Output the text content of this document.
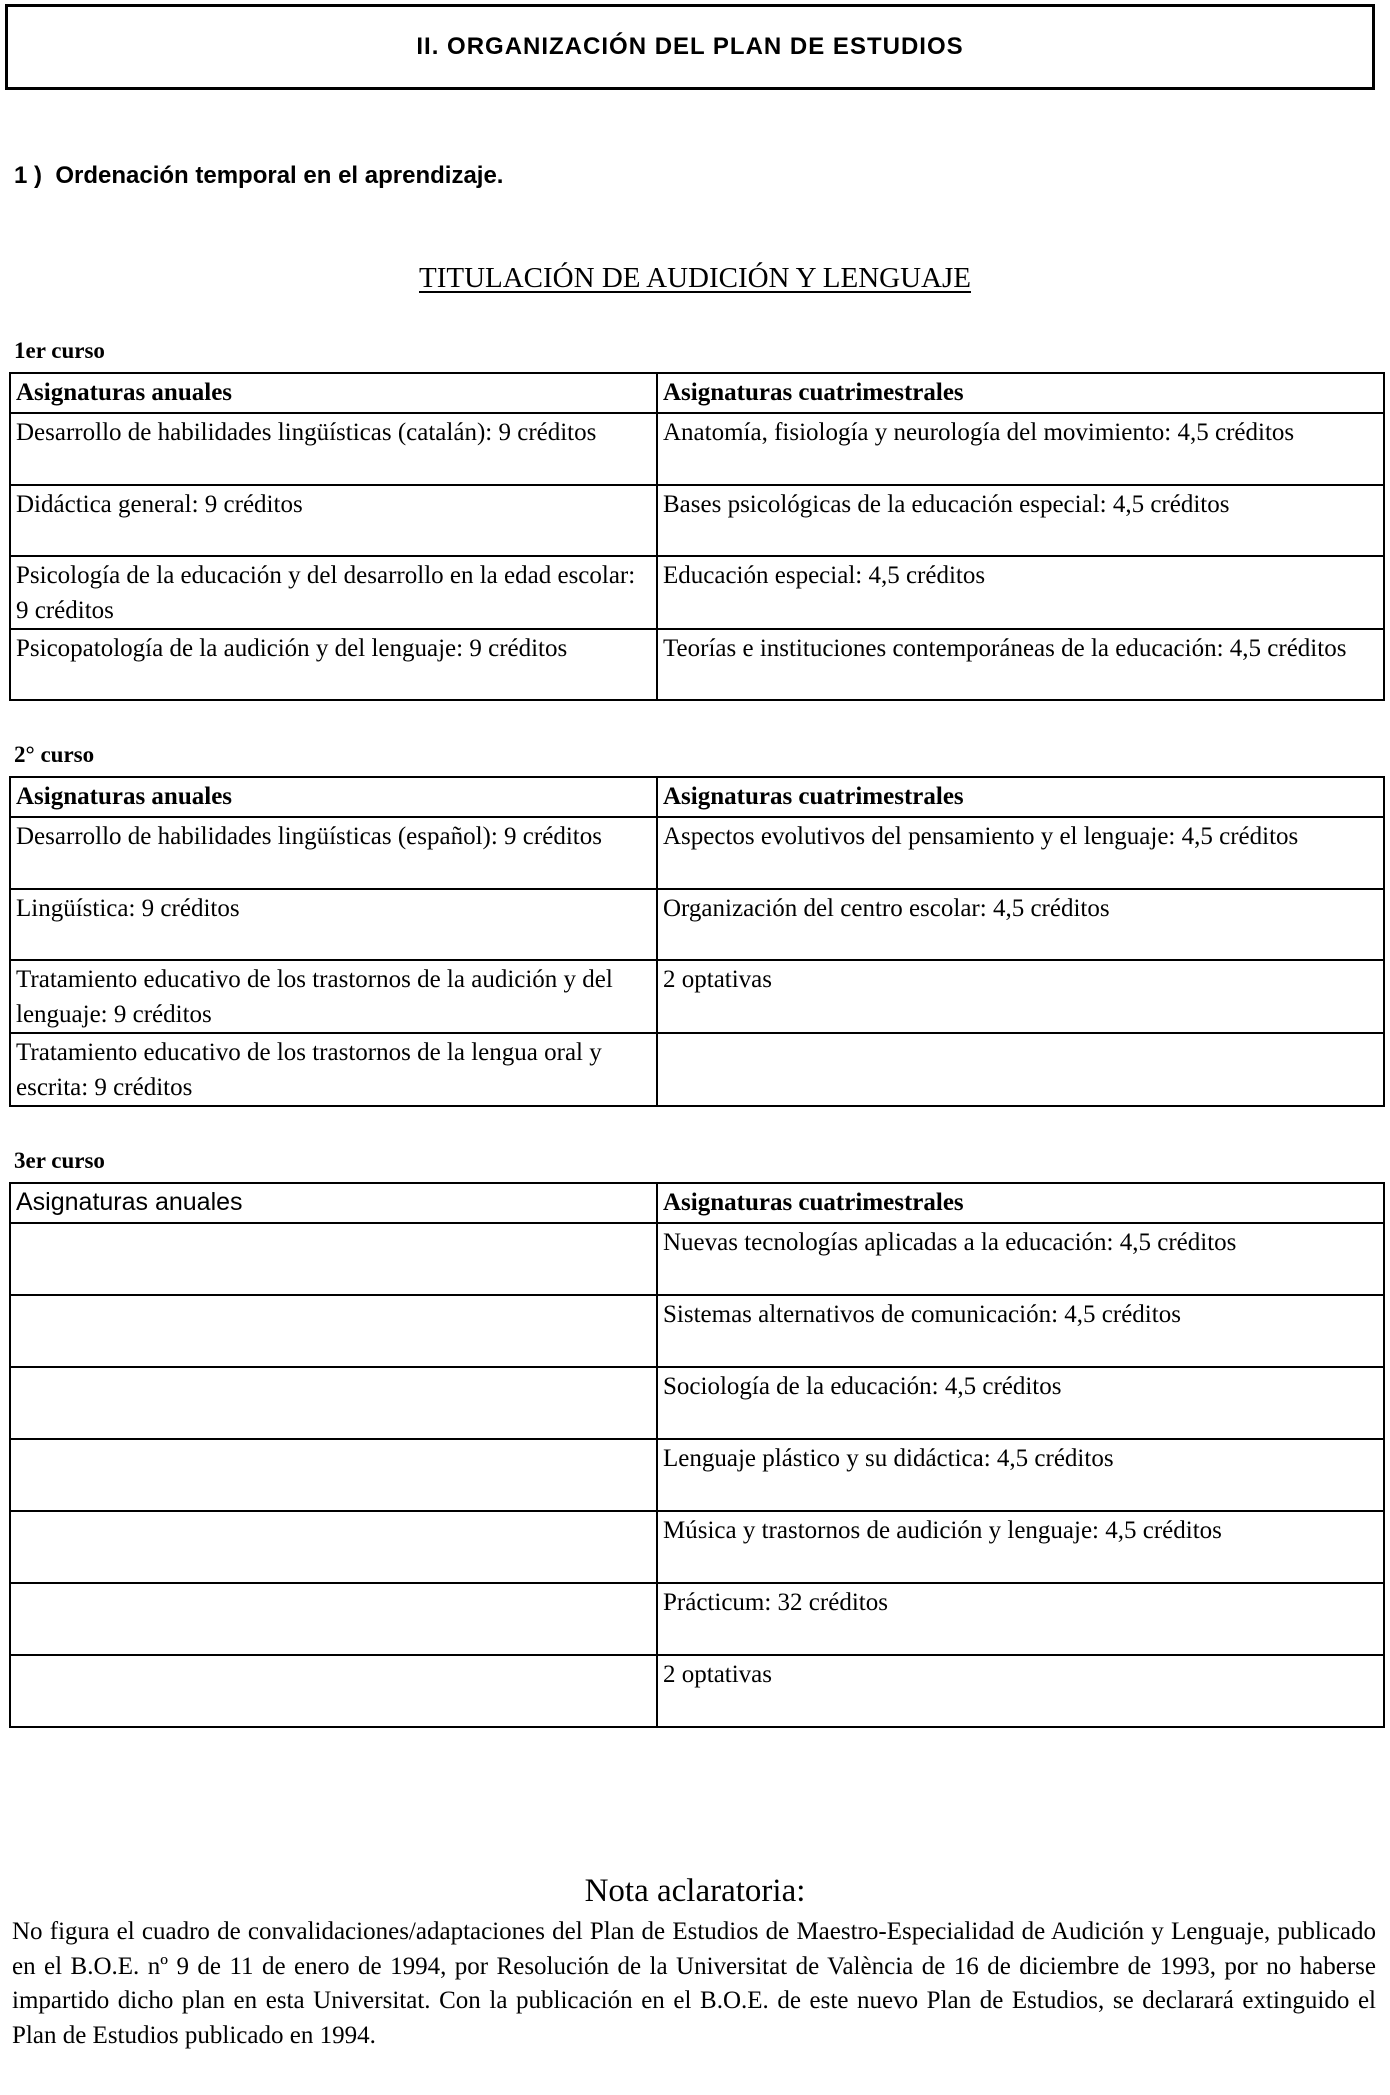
II. ORGANIZACIÓN DEL PLAN DE ESTUDIOS
1 )  Ordenación temporal en el aprendizaje.
TITULACIÓN DE AUDICIÓN Y LENGUAJE
1er curso
Asignaturas anuales	Asignaturas cuatrimestrales
Desarrollo de habilidades lingüísticas (catalán): 9 créditos	Anatomía, fisiología y neurología del movimiento: 4,5 créditos
Didáctica general: 9 créditos	Bases psicológicas de la educación especial: 4,5 créditos
Psicología de la educación y del desarrollo en la edad escolar: 9 créditos	Educación especial: 4,5 créditos
Psicopatología de la audición y del lenguaje: 9 créditos	Teorías e instituciones contemporáneas de la educación: 4,5 créditos
2° curso
Asignaturas anuales	Asignaturas cuatrimestrales
Desarrollo de habilidades lingüísticas (español): 9 créditos	Aspectos evolutivos del pensamiento y el lenguaje: 4,5 créditos
Lingüística: 9 créditos	Organización del centro escolar: 4,5 créditos
Tratamiento educativo de los trastornos de la audición y del lenguaje: 9 créditos	2 optativas
Tratamiento educativo de los trastornos de la lengua oral y escrita: 9 créditos	
3er curso
Asignaturas anuales	Asignaturas cuatrimestrales
	Nuevas tecnologías aplicadas a la educación: 4,5 créditos
	Sistemas alternativos de comunicación: 4,5 créditos
	Sociología de la educación: 4,5 créditos
	Lenguaje plástico y su didáctica: 4,5 créditos
	Música y trastornos de audición y lenguaje: 4,5 créditos
	Prácticum: 32 créditos
	2 optativas
Nota aclaratoria:
No figura el cuadro de convalidaciones/adaptaciones del Plan de Estudios de Maestro-Especialidad de Audición y Lenguaje, publicado en el B.O.E. nº 9 de 11 de enero de 1994, por Resolución de la Universitat de València de 16 de diciembre de 1993, por no haberse impartido dicho plan en esta Universitat. Con la publicación en el B.O.E. de este nuevo Plan de Estudios, se declarará extinguido el Plan de Estudios publicado en 1994.
